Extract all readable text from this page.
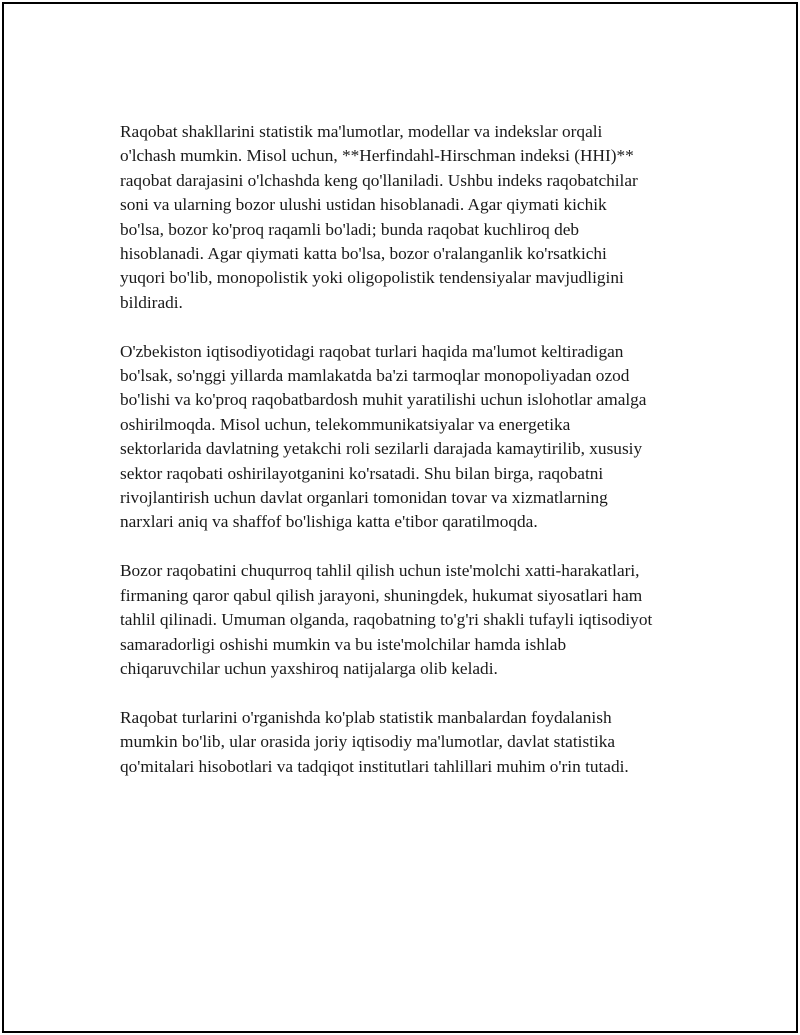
Raqobat shakllarini statistik ma'lumotlar, modellar va indekslar orqali
o'lchash mumkin. Misol uchun, **Herfindahl-Hirschman indeksi (HHI)**
raqobat darajasini o'lchashda keng qo'llaniladi. Ushbu indeks raqobatchilar
soni va ularning bozor ulushi ustidan hisoblanadi. Agar qiymati kichik
bo'lsa, bozor ko'proq raqamli bo'ladi; bunda raqobat kuchliroq deb
hisoblanadi. Agar qiymati katta bo'lsa, bozor o'ralanganlik ko'rsatkichi
yuqori bo'lib, monopolistik yoki oligopolistik tendensiyalar mavjudligini
bildiradi.

O'zbekiston iqtisodiyotidagi raqobat turlari haqida ma'lumot keltiradigan
bo'lsak, so'nggi yillarda mamlakatda ba'zi tarmoqlar monopoliyadan ozod
bo'lishi va ko'proq raqobatbardosh muhit yaratilishi uchun islohotlar amalga
oshirilmoqda. Misol uchun, telekommunikatsiyalar va energetika
sektorlarida davlatning yetakchi roli sezilarli darajada kamaytirilib, xususiy
sektor raqobati oshirilayotganini ko'rsatadi. Shu bilan birga, raqobatni
rivojlantirish uchun davlat organlari tomonidan tovar va xizmatlarning
narxlari aniq va shaffof bo'lishiga katta e'tibor qaratilmoqda.

Bozor raqobatini chuqurroq tahlil qilish uchun iste'molchi xatti-harakatlari,
firmaning qaror qabul qilish jarayoni, shuningdek, hukumat siyosatlari ham
tahlil qilinadi. Umuman olganda, raqobatning to'g'ri shakli tufayli iqtisodiyot
samaradorligi oshishi mumkin va bu iste'molchilar hamda ishlab
chiqaruvchilar uchun yaxshiroq natijalarga olib keladi.

Raqobat turlarini o'rganishda ko'plab statistik manbalardan foydalanish
mumkin bo'lib, ular orasida joriy iqtisodiy ma'lumotlar, davlat statistika
qo'mitalari hisobotlari va tadqiqot institutlari tahlillari muhim o'rin tutadi.
